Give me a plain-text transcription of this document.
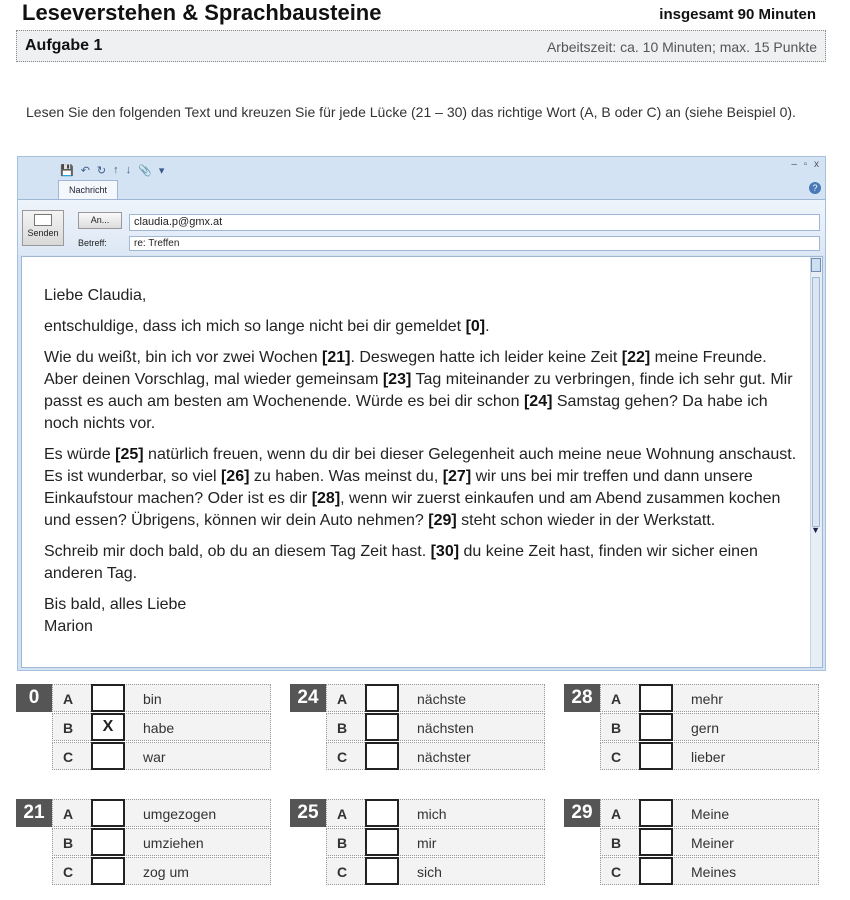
Leseverstehen & Sprachbausteine	insgesamt 90 Minuten
Aufgabe 1	Arbeitszeit: ca. 10 Minuten; max. 15 Punkte
Lesen Sie den folgenden Text und kreuzen Sie für jede Lücke (21 – 30) das richtige Wort (A, B oder C) an (siehe Beispiel 0).
💾 ↶ ↻ ↑ ↓ 📎 ▾	– ▫ x
Nachricht	?
Senden
An...	claudia.p@gmx.at
Betreff:	re: Treffen

Liebe Claudia,

entschuldige, dass ich mich so lange nicht bei dir gemeldet [0].

Wie du weißt, bin ich vor zwei Wochen [21]. Deswegen hatte ich leider keine Zeit [22] meine Freunde. Aber deinen Vorschlag, mal wieder gemeinsam [23] Tag miteinander zu verbringen, finde ich sehr gut. Mir passt es auch am besten am Wochenende. Würde es bei dir schon [24] Samstag gehen? Da habe ich noch nichts vor.

Es würde [25] natürlich freuen, wenn du dir bei dieser Gelegenheit auch meine neue Wohnung anschaust. Es ist wunderbar, so viel [26] zu haben. Was meinst du, [27] wir uns bei mir treffen und dann unsere Einkaufstour machen? Oder ist es dir [28], wenn wir zuerst einkaufen und am Abend zusammen kochen und essen? Übrigens, können wir dein Auto nehmen? [29] steht schon wieder in der Werkstatt.

Schreib mir doch bald, ob du an diesem Tag Zeit hast. [30] du keine Zeit hast, finden wir sicher einen anderen Tag.

Bis bald, alles Liebe
Marion

▼
0	A	bin
B	X	habe
C	war
24	A	nächste
B	nächsten
C	nächster
28	A	mehr
B	gern
C	lieber
21	A	umgezogen
B	umziehen
C	zog um
25	A	mich
B	mir
C	sich
29	A	Meine
B	Meiner
C	Meines
